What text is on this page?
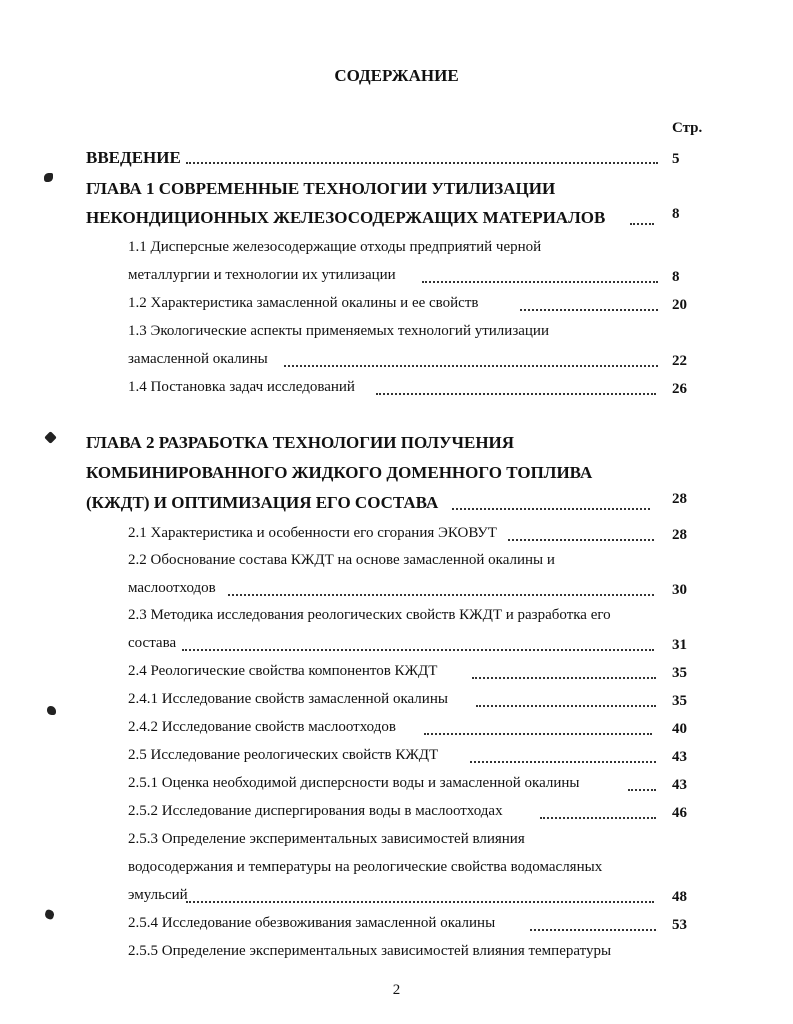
СОДЕРЖАНИЕ
Стр.
ВВЕДЕНИЕ	5
ГЛАВА 1 СОВРЕМЕННЫЕ ТЕХНОЛОГИИ УТИЛИЗАЦИИ
НЕКОНДИЦИОННЫХ ЖЕЛЕЗОСОДЕРЖАЩИХ МАТЕРИАЛОВ	8
1.1 Дисперсные железосодержащие отходы предприятий черной
металлургии и технологии их утилизации	8
1.2 Характеристика замасленной окалины и ее свойств	20
1.3 Экологические аспекты применяемых технологий утилизации
замасленной окалины	22
1.4 Постановка задач исследований	26
ГЛАВА 2 РАЗРАБОТКА ТЕХНОЛОГИИ ПОЛУЧЕНИЯ
КОМБИНИРОВАННОГО ЖИДКОГО ДОМЕННОГО ТОПЛИВА
(КЖДТ) И ОПТИМИЗАЦИЯ ЕГО СОСТАВА	28
2.1 Характеристика и особенности его сгорания ЭКОВУТ	28
2.2 Обоснование состава КЖДТ на основе замасленной окалины и
маслоотходов	30
2.3 Методика исследования реологических свойств КЖДТ и разработка его
состава	31
2.4 Реологические свойства компонентов КЖДТ	35
2.4.1 Исследование свойств замасленной окалины	35
2.4.2 Исследование свойств маслоотходов	40
2.5 Исследование реологических свойств КЖДТ	43
2.5.1 Оценка необходимой дисперсности воды и замасленной окалины	43
2.5.2 Исследование диспергирования воды в маслоотходах	46
2.5.3 Определение экспериментальных зависимостей влияния
водосодержания и температуры на реологические свойства водомасляных
эмульсий	48
2.5.4 Исследование обезвоживания замасленной окалины	53
2.5.5 Определение экспериментальных зависимостей влияния температуры
2
